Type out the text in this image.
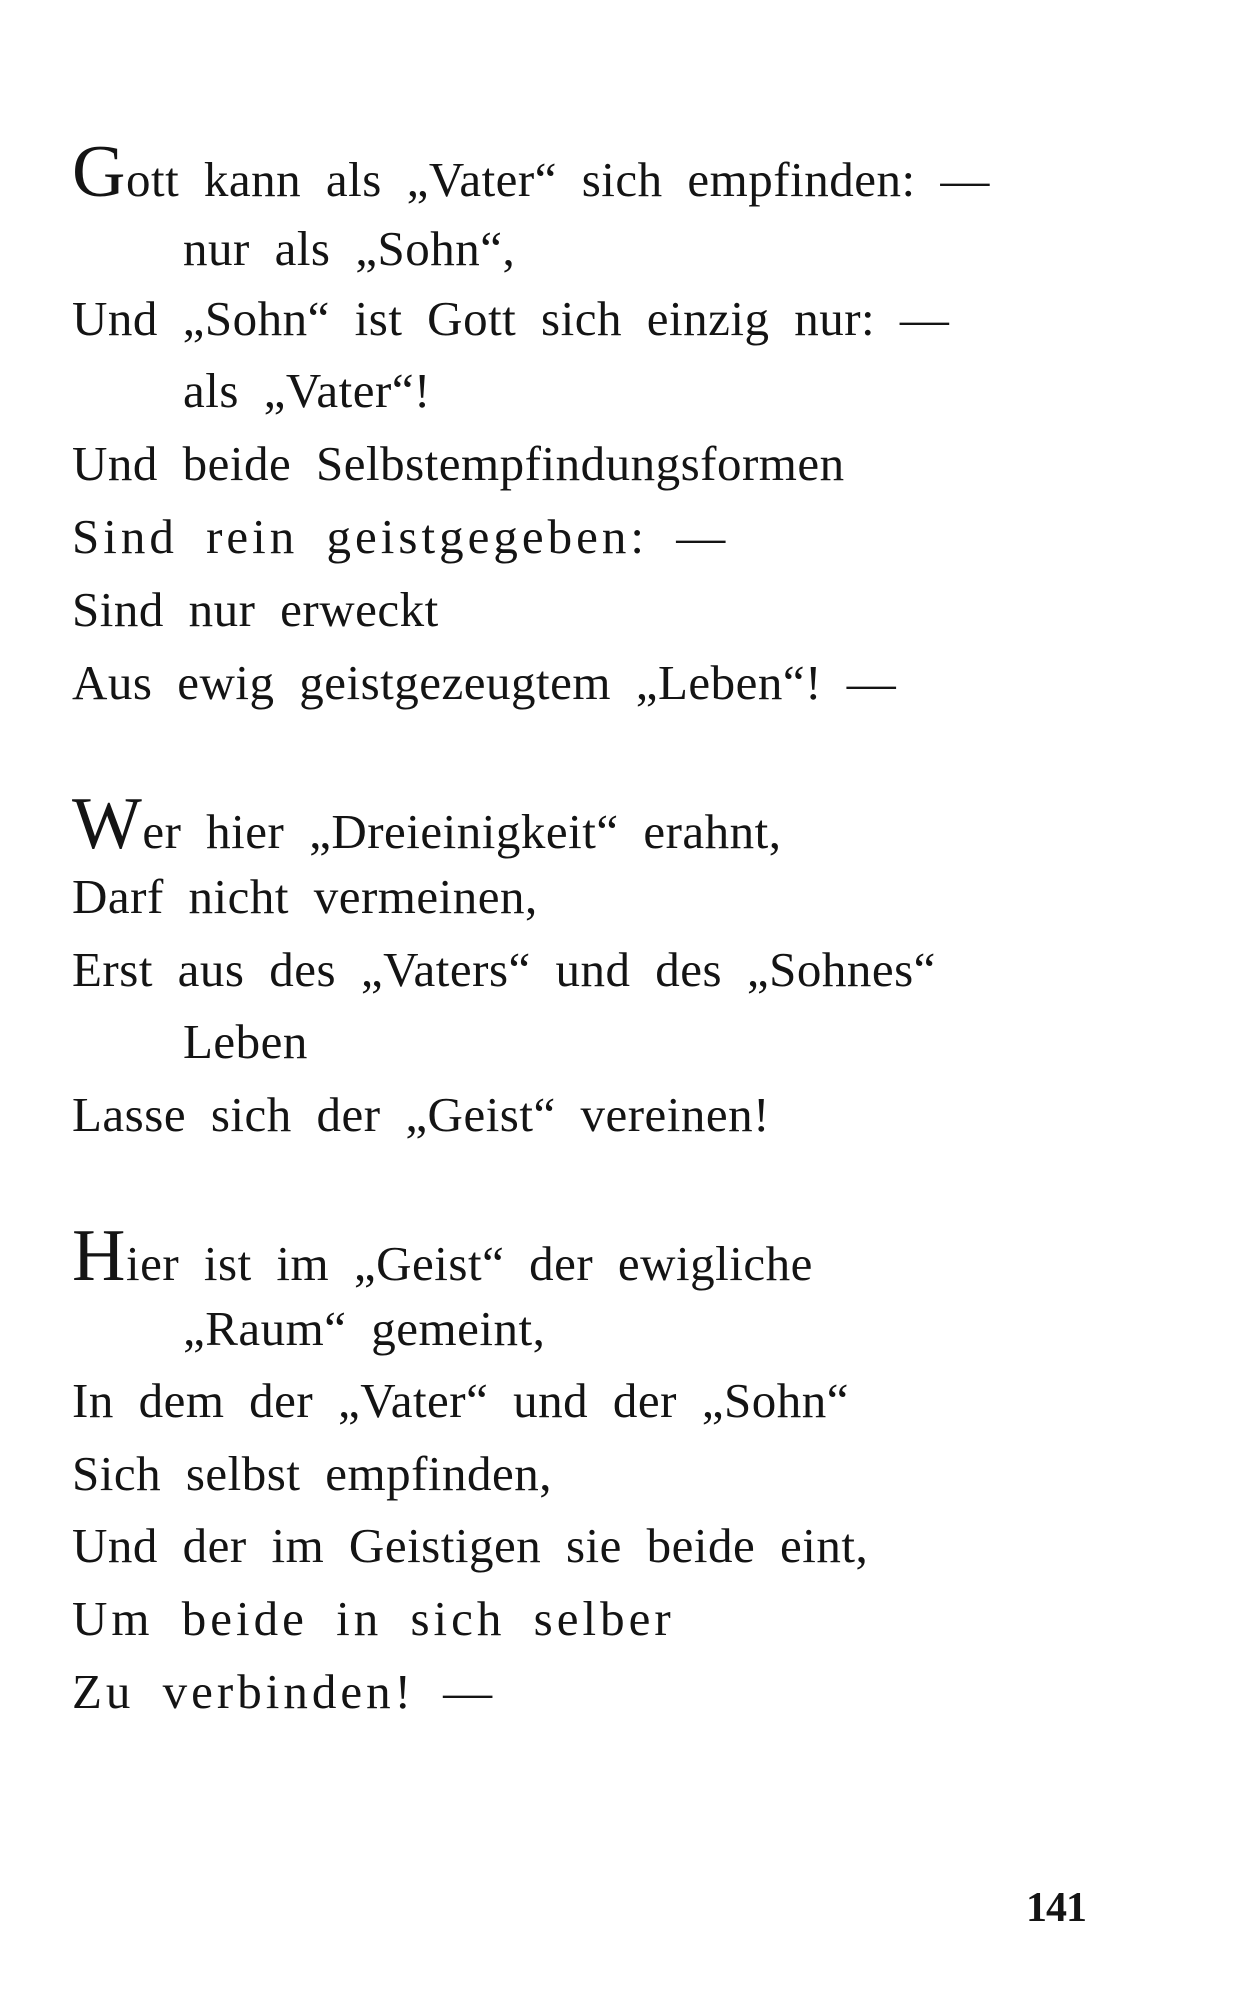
Gott kann als „Vater“ sich empfinden: —
nur als „Sohn“,
Und „Sohn“ ist Gott sich einzig nur: —
als „Vater“!
Und beide Selbstempfindungsformen
Sind rein geistgegeben: —
Sind nur erweckt
Aus ewig geistgezeugtem „Leben“! —
Wer hier „Dreieinigkeit“ erahnt,
Darf nicht vermeinen,
Erst aus des „Vaters“ und des „Sohnes“
Leben
Lasse sich der „Geist“ vereinen!
Hier ist im „Geist“ der ewigliche
„Raum“ gemeint,
In dem der „Vater“ und der „Sohn“
Sich selbst empfinden,
Und der im Geistigen sie beide eint,
Um beide in sich selber
Zu verbinden! —
141
